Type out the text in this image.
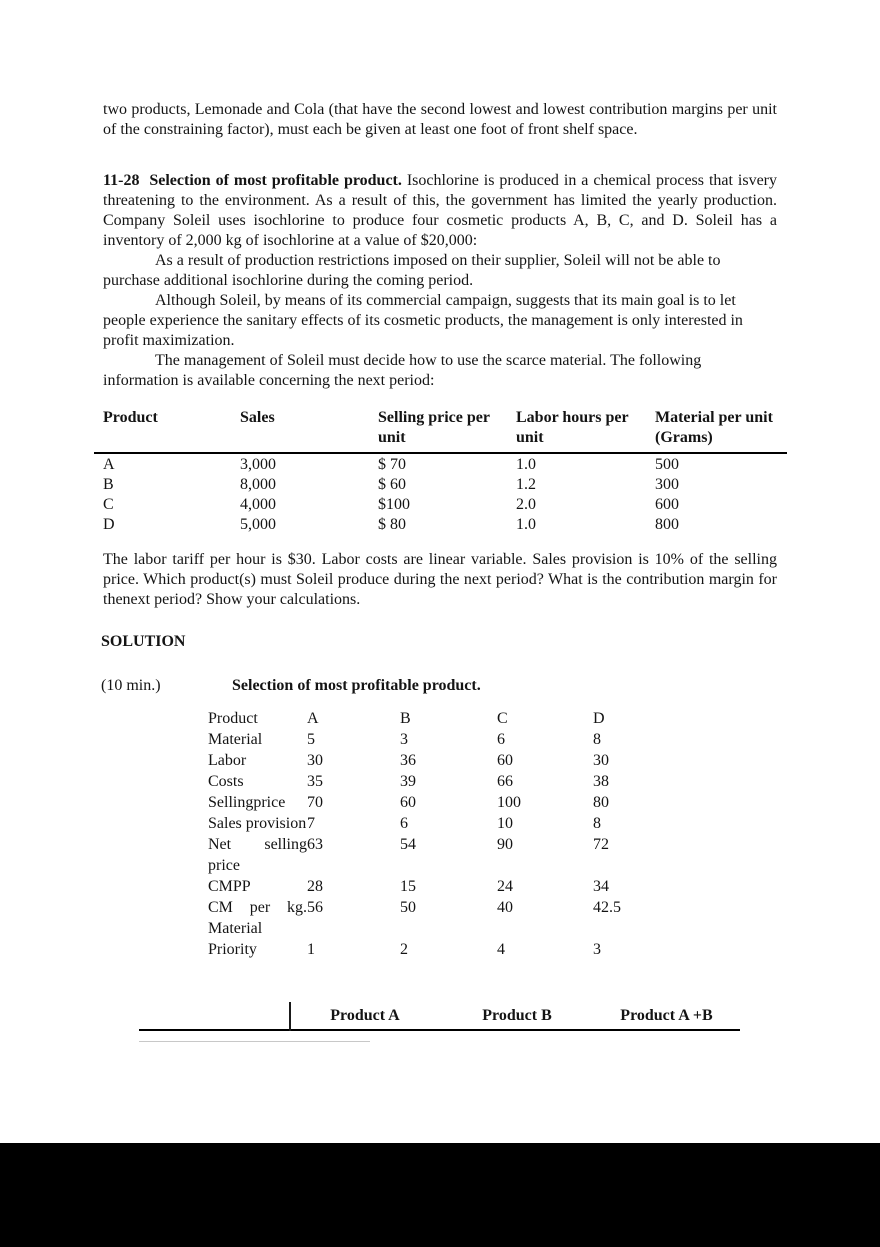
two products, Lemonade and Cola (that have the second lowest and lowest contribution margins per unit of the constraining factor), must each be given at least one foot of front shelf space.

11-28  Selection of most profitable product. Isochlorine is produced in a chemical process that isvery threatening to the environment. As a result of this, the government has limited the yearly production. Company Soleil uses isochlorine to produce four cosmetic products A, B, C, and D. Soleil has a inventory of 2,000 kg of isochlorine at a value of $20,000:

As a result of production restrictions imposed on their supplier, Soleil will not be able to purchase additional isochlorine during the coming period.

Although Soleil, by means of its commercial campaign, suggests that its main goal is to let people experience the sanitary effects of its cosmetic products, the management is only interested in profit maximization.

The management of Soleil must decide how to use the scarce material. The following information is available concerning the next period:

Product	Sales	Selling price per unit	Labor hours per unit	Material per unit (Grams)
A	3,000	$ 70	1.0	500
B	8,000	$ 60	1.2	300
C	4,000	$100	2.0	600
D	5,000	$ 80	1.0	800

The labor tariff per hour is $30. Labor costs are linear variable. Sales provision is 10% of the selling price. Which product(s) must Soleil produce during the next period? What is the contribution margin for thenext period? Show your calculations.

SOLUTION
(10 min.)	Selection of most profitable product.
Product	A	B	C	D
Material	5	3	6	8
Labor	30	36	60	30
Costs	35	39	66	38
Sellingprice	70	60	100	80
Sales provision	7	6	10	8
Net selling price	63	54	90	72
CMPP	28	15	24	34
CM per kg. Material	56	50	40	42.5
Priority	1	2	4	3
Product A	Product B	Product A +B
